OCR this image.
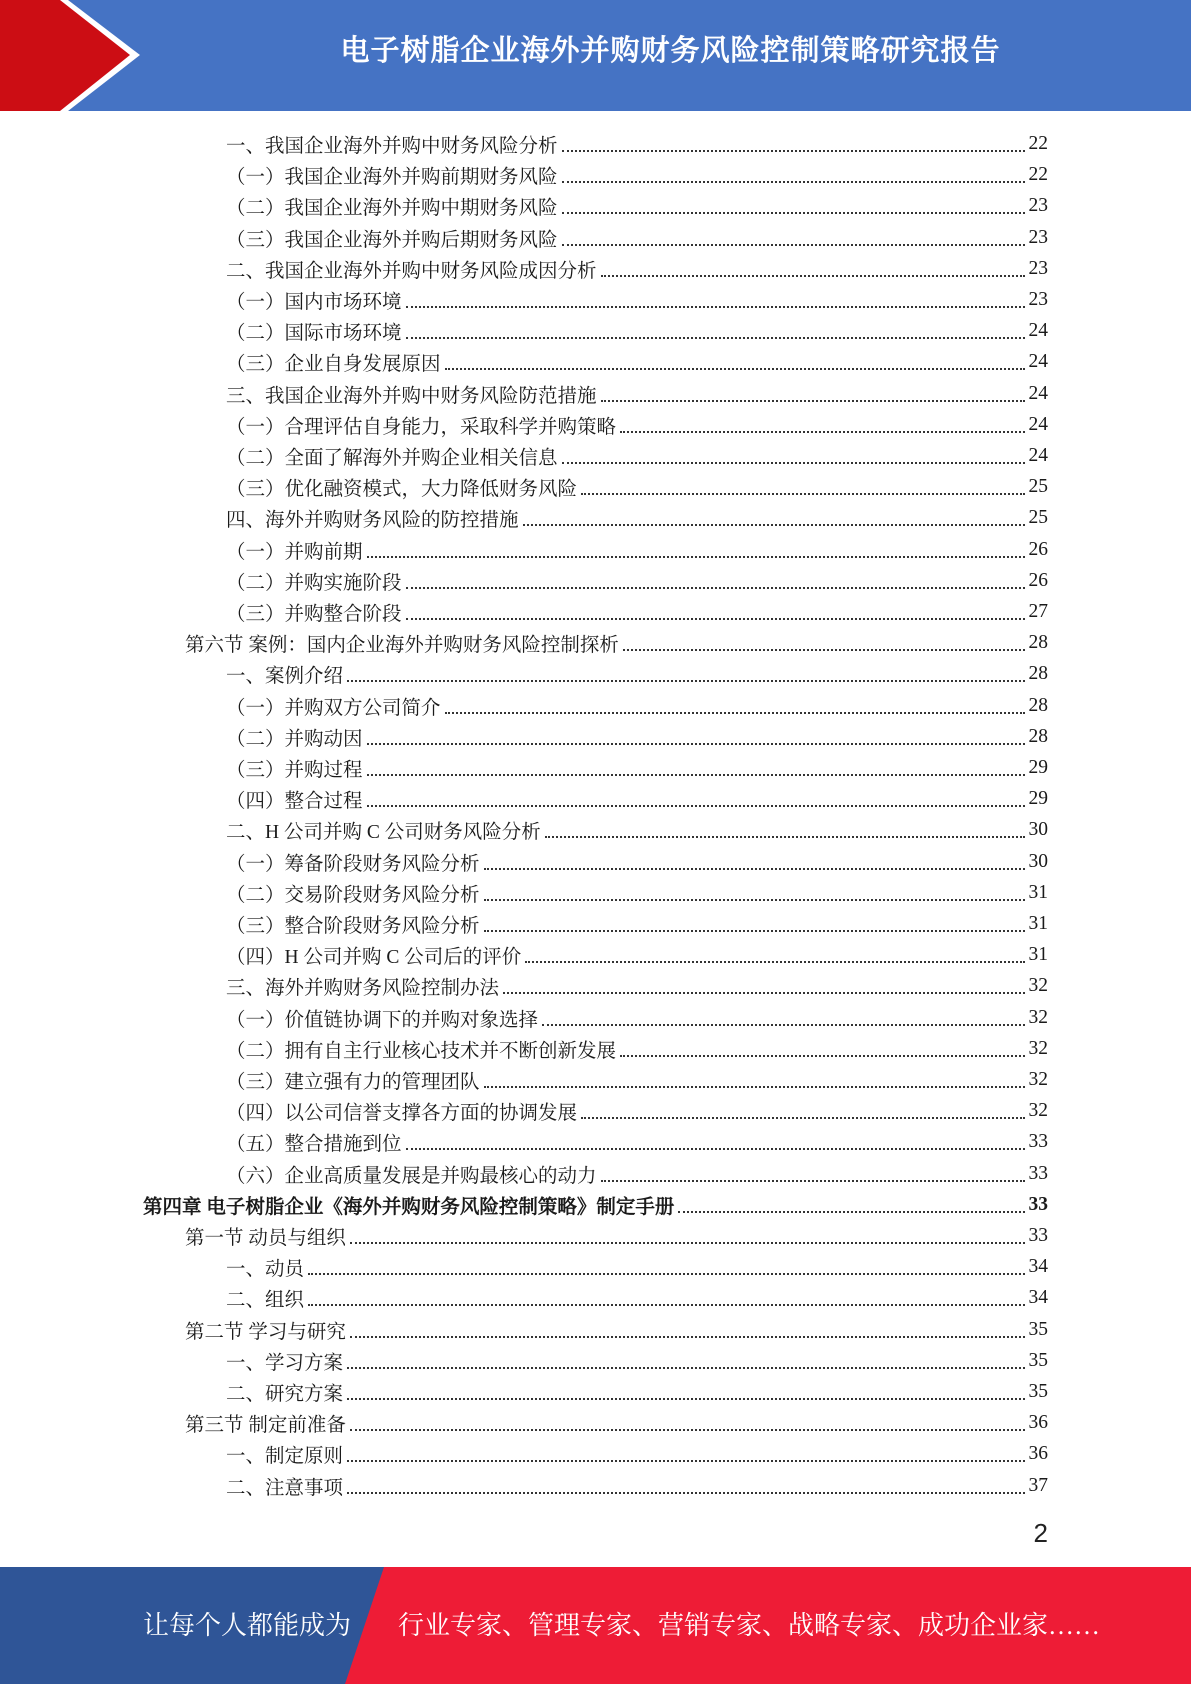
电子树脂企业海外并购财务风险控制策略研究报告
一、我国企业海外并购中财务风险分析	22
（一）我国企业海外并购前期财务风险	22
（二）我国企业海外并购中期财务风险	23
（三）我国企业海外并购后期财务风险	23
二、我国企业海外并购中财务风险成因分析	23
（一）国内市场环境	23
（二）国际市场环境	24
（三）企业自身发展原因	24
三、我国企业海外并购中财务风险防范措施	24
（一）合理评估自身能力，采取科学并购策略	24
（二）全面了解海外并购企业相关信息	24
（三）优化融资模式，大力降低财务风险	25
四、海外并购财务风险的防控措施	25
（一）并购前期	26
（二）并购实施阶段	26
（三）并购整合阶段	27
第六节 案例：国内企业海外并购财务风险控制探析	28
一、案例介绍	28
（一）并购双方公司简介	28
（二）并购动因	28
（三）并购过程	29
（四）整合过程	29
二、H 公司并购 C 公司财务风险分析	30
（一）筹备阶段财务风险分析	30
（二）交易阶段财务风险分析	31
（三）整合阶段财务风险分析	31
（四）H 公司并购 C 公司后的评价	31
三、海外并购财务风险控制办法	32
（一）价值链协调下的并购对象选择	32
（二）拥有自主行业核心技术并不断创新发展	32
（三）建立强有力的管理团队	32
（四）以公司信誉支撑各方面的协调发展	32
（五）整合措施到位	33
（六）企业高质量发展是并购最核心的动力	33
第四章 电子树脂企业《海外并购财务风险控制策略》制定手册	33
第一节 动员与组织	33
一、动员	34
二、组织	34
第二节 学习与研究	35
一、学习方案	35
二、研究方案	35
第三节 制定前准备	36
一、制定原则	36
二、注意事项	37
2
让每个人都能成为 行业专家、管理专家、营销专家、战略专家、成功企业家……
